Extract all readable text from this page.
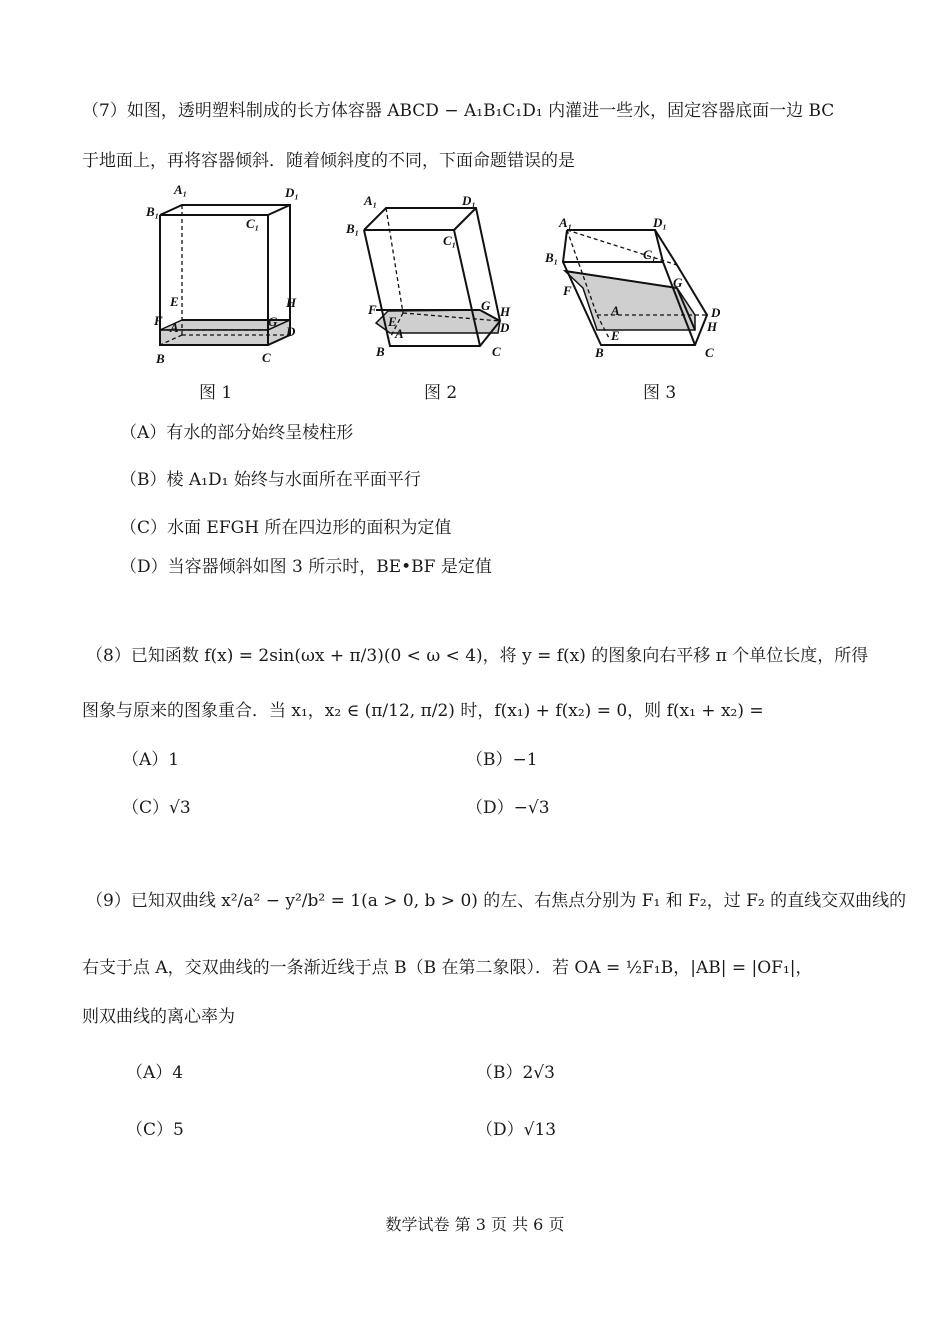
（7）如图，透明塑料制成的长方体容器 ABCD − A₁B₁C₁D₁ 内灌进一些水，固定容器底面一边 BC
于地面上，再将容器倾斜．随着倾斜度的不同，下面命题错误的是
A₁	D₁
B₁
C₁
E	H
F	G
A	D
B	C
图 1
A₁	D₁
B₁
C₁
F	G H
E	D
A
B	C
图 2
A₁	D₁
B₁	C₁
F
G
A	D
H
E
B	C
图 3
（A）有水的部分始终呈棱柱形
（B）棱 A₁D₁ 始终与水面所在平面平行
（C）水面 EFGH 所在四边形的面积为定值
（D）当容器倾斜如图 3 所示时，BE•BF 是定值
（8）已知函数 f(x) = 2sin(ωx + π/3)(0 < ω < 4)，将 y = f(x) 的图象向右平移 π 个单位长度，所得
图象与原来的图象重合．当 x₁，x₂ ∈ (π/12, π/2) 时，f(x₁) + f(x₂) = 0，则 f(x₁ + x₂) =
（A）1	（B）−1
（C）√3	（D）−√3
（9）已知双曲线 x²/a² − y²/b² = 1(a > 0, b > 0) 的左、右焦点分别为 F₁ 和 F₂，过 F₂ 的直线交双曲线的
右支于点 A，交双曲线的一条渐近线于点 B（B 在第二象限）．若 OA = ½F₁B，|AB| = |OF₁|，
则双曲线的离心率为
（A）4	（B）2√3
（C）5	（D）√13
数学试卷 第 3 页 共 6 页
